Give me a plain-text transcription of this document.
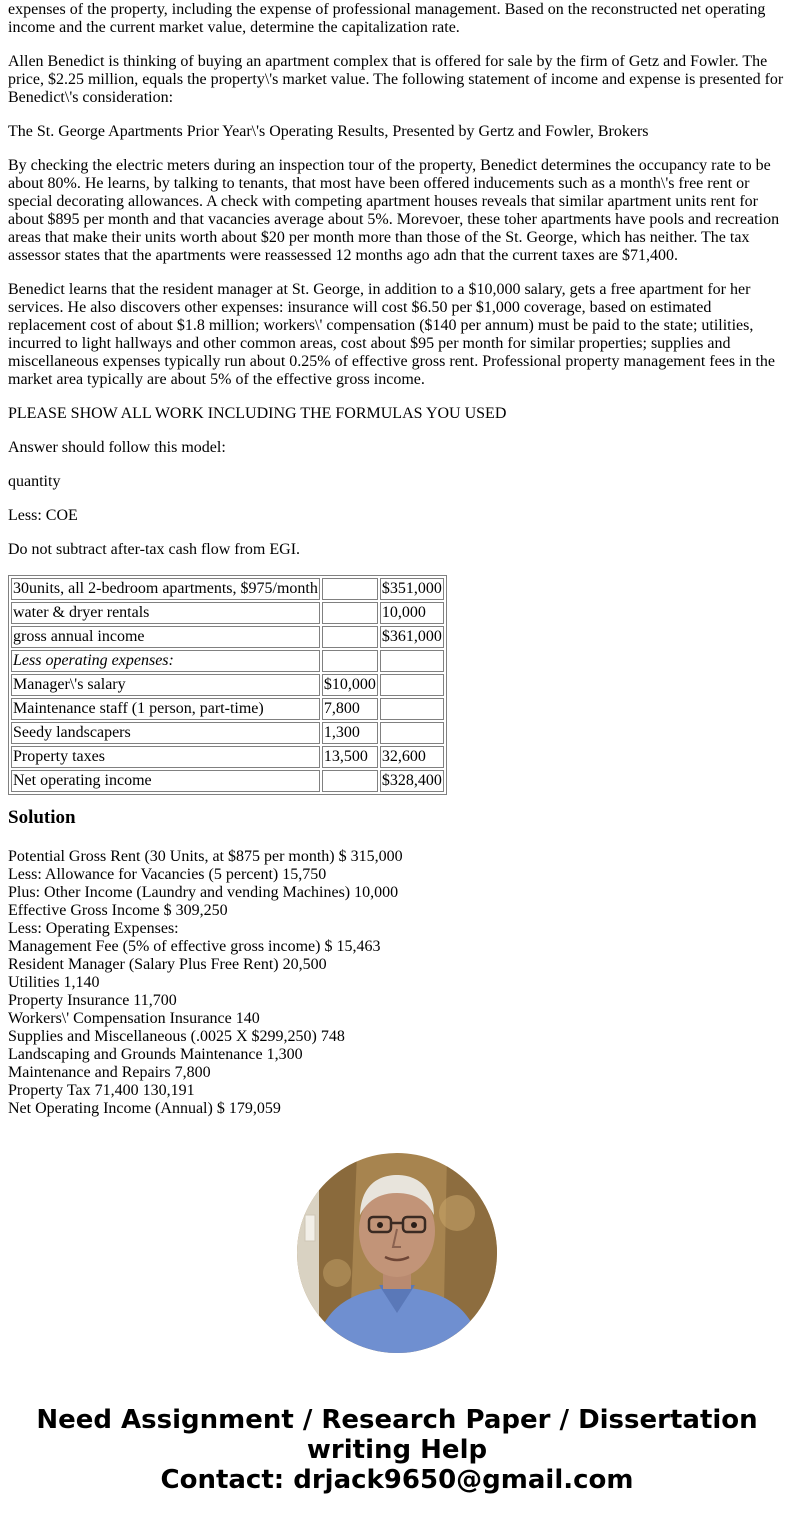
expenses of the property, including the expense of professional management. Based on the reconstructed net operating income and the current market value, determine the capitalization rate.

Allen Benedict is thinking of buying an apartment complex that is offered for sale by the firm of Getz and Fowler. The price, $2.25 million, equals the property\'s market value. The following statement of income and expense is presented for Benedict\'s consideration:

The St. George Apartments Prior Year\'s Operating Results, Presented by Gertz and Fowler, Brokers

By checking the electric meters during an inspection tour of the property, Benedict determines the occupancy rate to be about 80%. He learns, by talking to tenants, that most have been offered inducements such as a month\'s free rent or special decorating allowances. A check with competing apartment houses reveals that similar apartment units rent for about $895 per month and that vacancies average about 5%. Morevoer, these toher apartments have pools and recreation areas that make their units worth about $20 per month more than those of the St. George, which has neither. The tax assessor states that the apartments were reassessed 12 months ago adn that the current taxes are $71,400.

Benedict learns that the resident manager at St. George, in addition to a $10,000 salary, gets a free apartment for her services. He also discovers other expenses: insurance will cost $6.50 per $1,000 coverage, based on estimated replacement cost of about $1.8 million; workers\' compensation ($140 per annum) must be paid to the state; utilities, incurred to light hallways and other common areas, cost about $95 per month for similar properties; supplies and miscellaneous expenses typically run about 0.25% of effective gross rent. Professional property management fees in the market area typically are about 5% of the effective gross income.

PLEASE SHOW ALL WORK INCLUDING THE FORMULAS YOU USED

Answer should follow this model:

quantity

Less: COE

Do not subtract after-tax cash flow from EGI.

30units, all 2-bedroom apartments, $975/month		$351,000
water & dryer rentals		10,000
gross annual income		$361,000
Less operating expenses:		
Manager\'s salary	$10,000	
Maintenance staff (1 person, part-time)	7,800	
Seedy landscapers	1,300	
Property taxes	13,500	32,600
Net operating income		$328,400
Solution
Potential Gross Rent (30 Units, at $875 per month) $ 315,000
Less: Allowance for Vacancies (5 percent) 15,750
Plus: Other Income (Laundry and vending Machines) 10,000
Effective Gross Income $ 309,250
Less: Operating Expenses:
Management Fee (5% of effective gross income) $ 15,463
Resident Manager (Salary Plus Free Rent) 20,500
Utilities 1,140
Property Insurance 11,700
Workers\' Compensation Insurance 140
Supplies and Miscellaneous (.0025 X $299,250) 748
Landscaping and Grounds Maintenance 1,300
Maintenance and Repairs 7,800
Property Tax 71,400 130,191
Net Operating Income (Annual) $ 179,059
Need Assignment / Research Paper / Dissertation
writing Help
Contact: drjack9650@gmail.com
